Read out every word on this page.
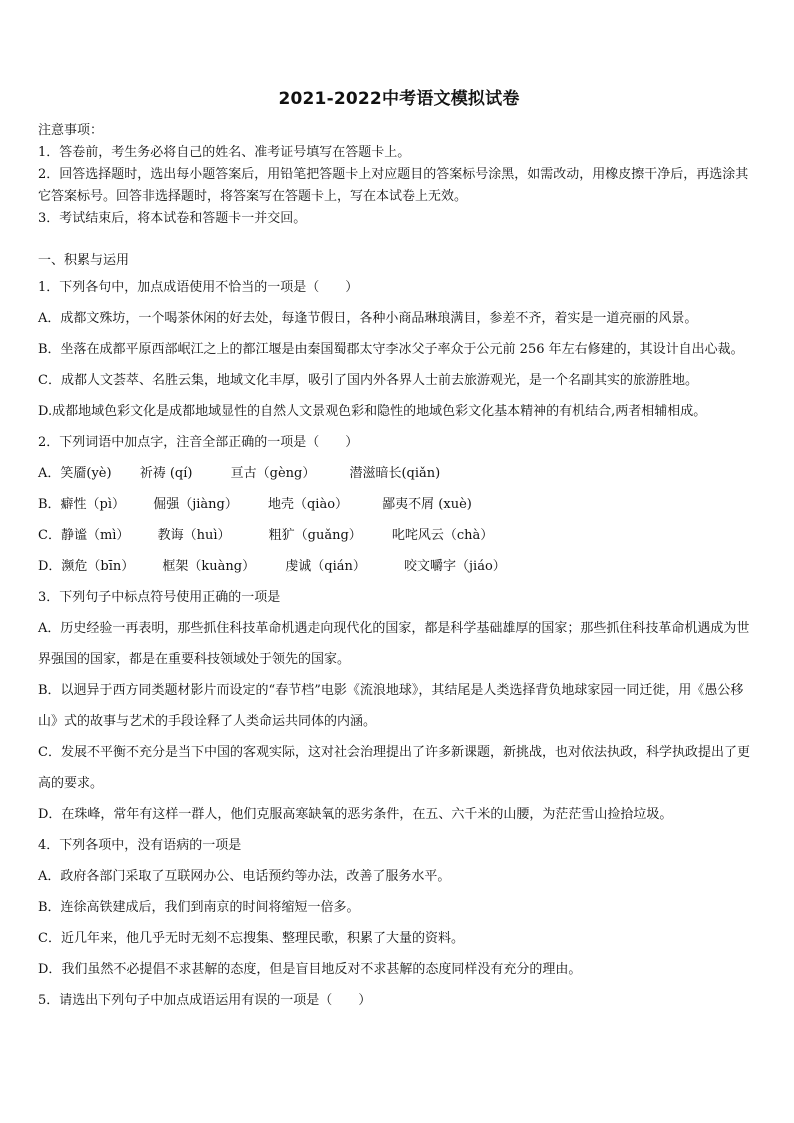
2021-2022中考语文模拟试卷
注意事项：
1．答卷前，考生务必将自己的姓名、准考证号填写在答题卡上。
2．回答选择题时，选出每小题答案后，用铅笔把答题卡上对应题目的答案标号涂黑，如需改动，用橡皮擦干净后，再选涂其它答案标号。回答非选择题时，将答案写在答题卡上，写在本试卷上无效。
3．考试结束后，将本试卷和答题卡一并交回。
一、积累与运用
1．下列各句中，加点成语使用不恰当的一项是（　　）
A．成都文殊坊，一个喝茶休闲的好去处，每逢节假日，各种小商品琳琅满目，参差不齐，着实是一道亮丽的风景。
B．坐落在成都平原西部岷江之上的都江堰是由秦国蜀郡太守李冰父子率众于公元前 256 年左右修建的，其设计自出心裁。
C．成都人文荟萃、名胜云集，地域文化丰厚，吸引了国内外各界人士前去旅游观光，是一个名副其实的旅游胜地。
D.成都地域色彩文化是成都地域显性的自然人文景观色彩和隐性的地域色彩文化基本精神的有机结合,两者相辅相成。
2．下列词语中加点字，注音全部正确的一项是（　　）
A．笑靥(yè) 祈祷 (qí)	亘古（gèng）	潜滋暗长(qiǎn)
B．癖性（pì） 倔强（jiàng） 地壳（qiào）	鄙夷不屑 (xuè)
C．静谧（mì） 教诲（huì）	粗犷（guǎng） 叱咤风云（chà）
D．濒危（bīn） 框架（kuàng） 虔诚（qián）	咬文嚼字（jiáo）
3．下列句子中标点符号使用正确的一项是
A．历史经验一再表明，那些抓住科技革命机遇走向现代化的国家，都是科学基础雄厚的国家；那些抓住科技革命机遇成为世界强国的国家，都是在重要科技领域处于领先的国家。
B．以迥异于西方同类题材影片而设定的“春节档”电影《流浪地球》，其结尾是人类选择背负地球家园一同迁徙，用《愚公移山》式的故事与艺术的手段诠释了人类命运共同体的内涵。
C．发展不平衡不充分是当下中国的客观实际，这对社会治理提出了许多新课题，新挑战，也对依法执政，科学执政提出了更高的要求。
D．在珠峰，常年有这样一群人，他们克服高寒缺氧的恶劣条件，在五、六千米的山腰，为茫茫雪山捡拾垃圾。
4．下列各项中，没有语病的一项是
A．政府各部门采取了互联网办公、电话预约等办法，改善了服务水平。
B．连徐高铁建成后，我们到南京的时间将缩短一倍多。
C．近几年来，他几乎无时无刻不忘搜集、整理民歌，积累了大量的资料。
D．我们虽然不必提倡不求甚解的态度，但是盲目地反对不求甚解的态度同样没有充分的理由。
5．请选出下列句子中加点成语运用有误的一项是（　　）
